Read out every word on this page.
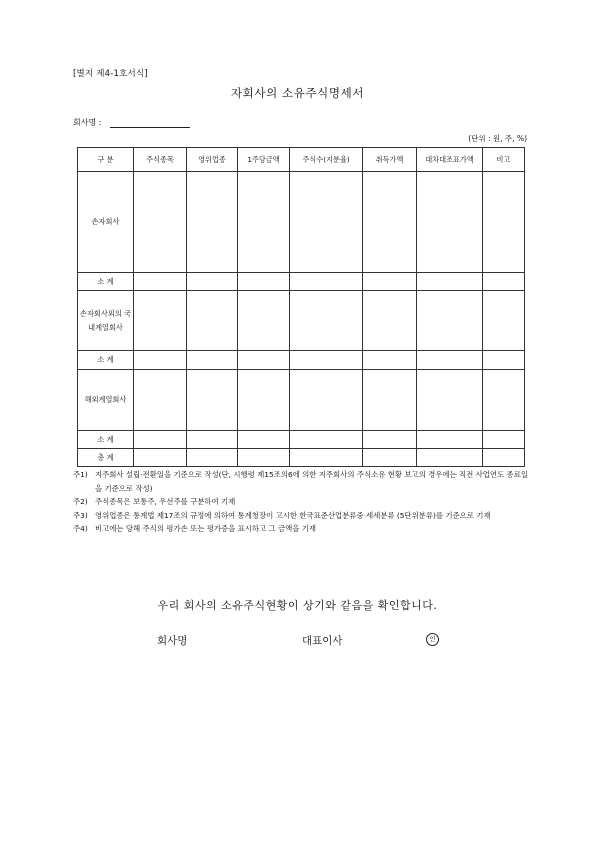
[별지 제4-1호서식]
자회사의 소유주식명세서
회사명 :
(단위 : 원, 주, %)
구 분	주식종목	영위업종	1주당금액	주식수(지분율)	취득가액	대차대조표가액	비고
손자회사							
소 계							
손자회사외의 국내계열회사							
소 계							
해외계열회사							
소 계							
총 계							
주1) 지주회사 설립·전환일을 기준으로 작성(단, 시행령 제15조의6에 의한 지주회사의 주식소유 현황 보고의 경우에는 직전 사업연도 종료일을 기준으로 작성)
주2) 주식종목은 보통주, 우선주를 구분하여 기재
주3) 영위업종은 통계법 제17조의 규정에 의하여 통계청장이 고시한 한국표준산업분류중 세세분류 (5단위분류)를 기준으로 기재
주4) 비고에는 당해 주식의 평가손 또는 평가증을 표시하고 그 금액을 기재
우리 회사의 소유주식현황이 상기와 같음을 확인합니다.
회사명	대표이사	인
